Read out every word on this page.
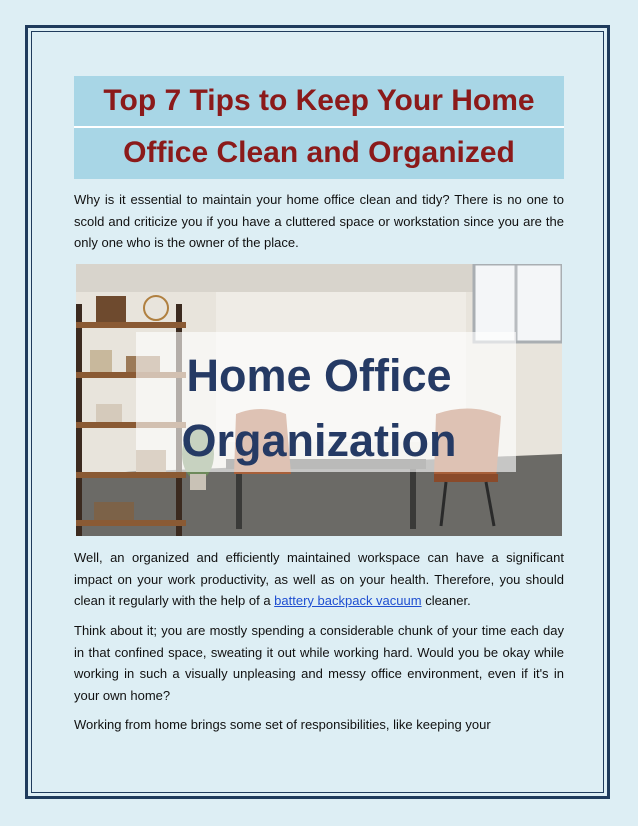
Top 7 Tips to Keep Your Home
Office Clean and Organized

Why is it essential to maintain your home office clean and tidy? There is no one to scold and criticize you if you have a cluttered space or workstation since you are the only one who is the owner of the place.

Home Office
Organization

Well, an organized and efficiently maintained workspace can have a significant impact on your work productivity, as well as on your health. Therefore, you should clean it regularly with the help of a battery backpack vacuum cleaner.

Think about it; you are mostly spending a considerable chunk of your time each day in that confined space, sweating it out while working hard. Would you be okay while working in such a visually unpleasing and messy office environment, even if it's in your own home?

Working from home brings some set of responsibilities, like keeping your
